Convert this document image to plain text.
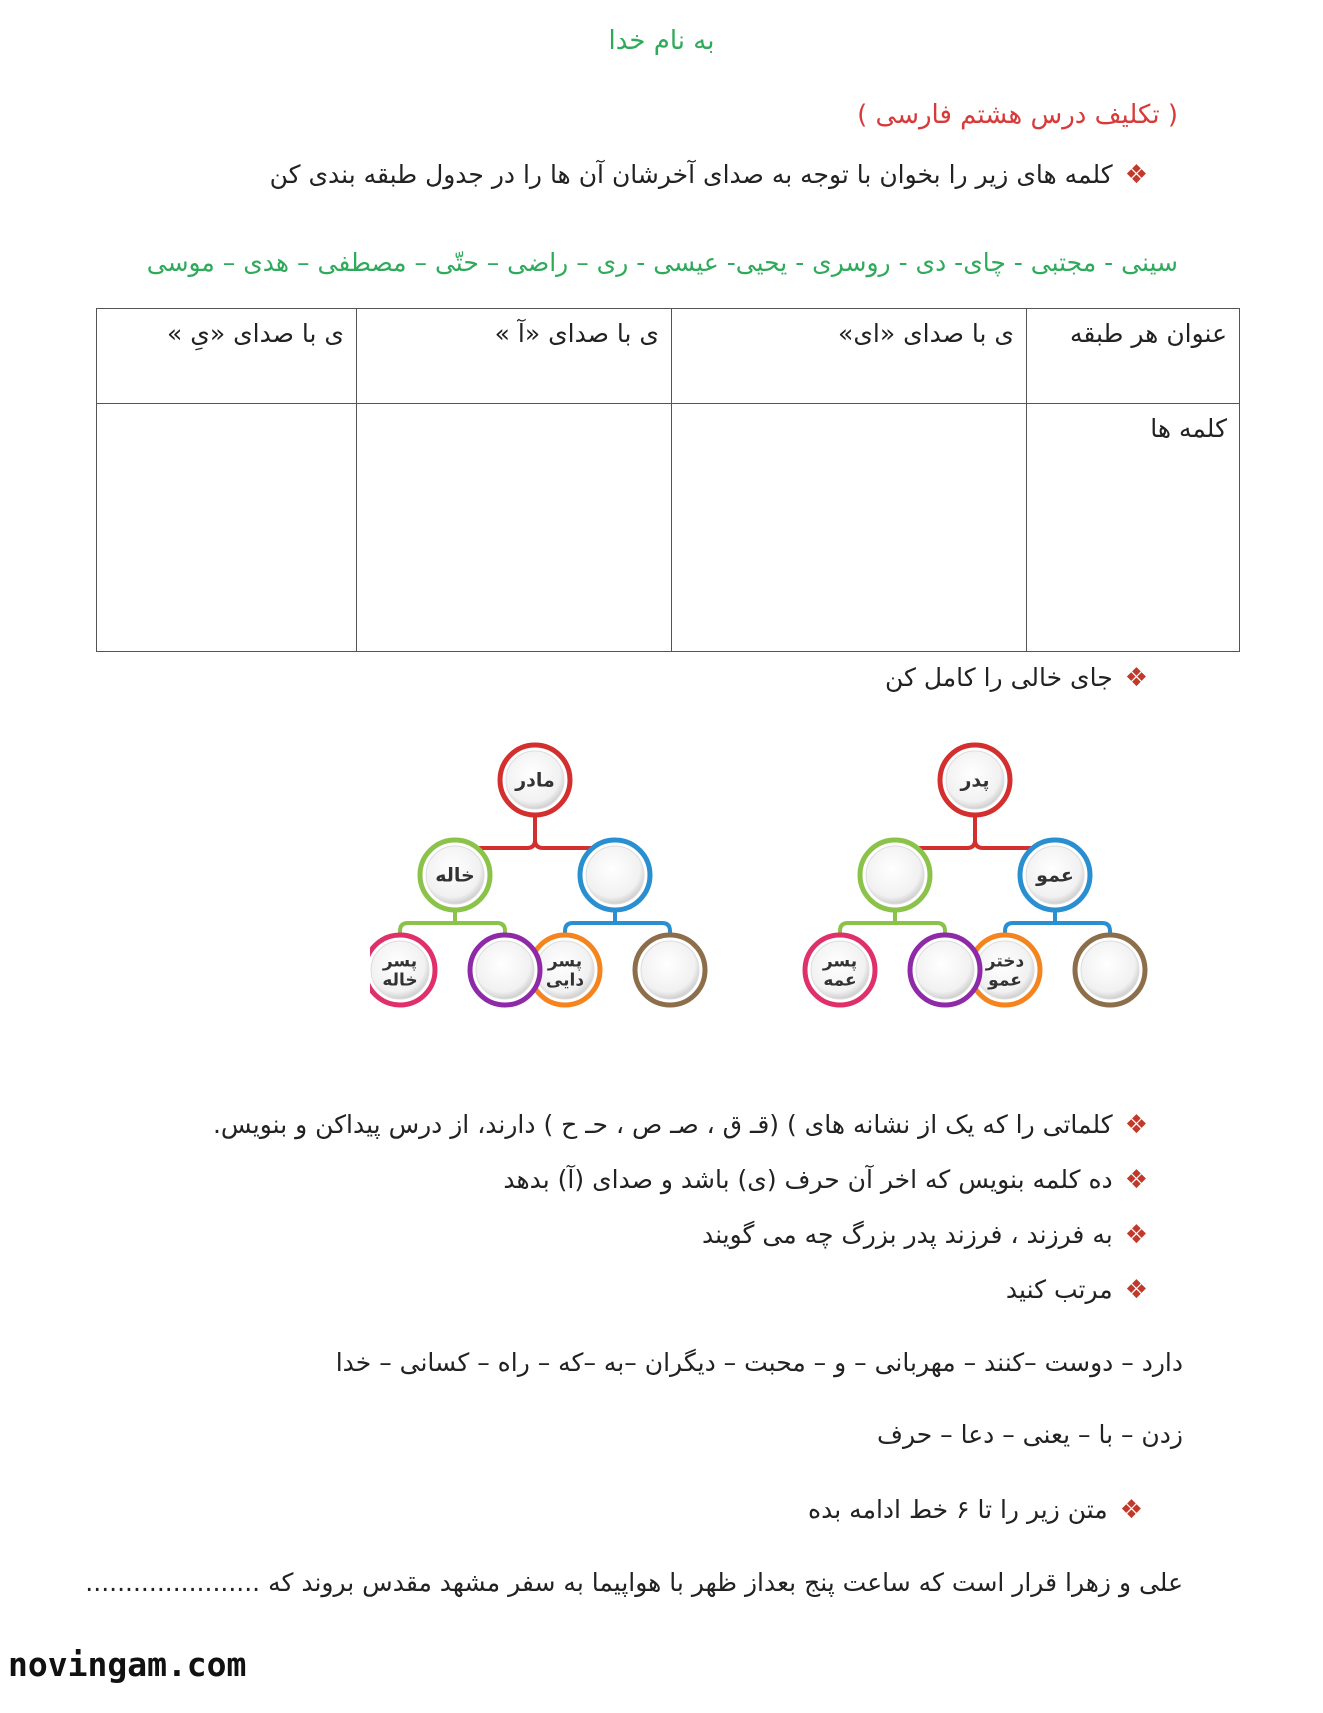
به نام خدا
( تکلیف درس هشتم فارسی )
❖کلمه های زیر را بخوان با توجه به صدای آخرشان آن ها را در جدول طبقه بندی کن
سینی - مجتبی - چای- دی - روسری - یحیی- عیسی - ری – راضی – حتّی – مصطفی – هدی – موسی
عنوان هر طبقه	ی با صدای «ای»	ی با صدای «آ »	ی با صدای «یِ »
کلمه ها			
❖جای خالی را کامل کن
پدر
عمو
دختر
عمو
پسر
عمه
مادر
خاله
پسر
دایی
پسر
خاله
❖کلماتی را که یک از نشانه های ) (قـ ق ، صـ ص ، حـ ح ) دارند، از درس پیداکن و بنویس.
❖ده کلمه بنویس که اخر آن حرف (ی) باشد و صدای (آ) بدهد
❖به فرزند ، فرزند پدر بزرگ چه می گویند
❖مرتب کنید
دارد – دوست –کنند – مهربانی – و – محبت – دیگران –به –که – راه – کسانی – خدا
زدن – با – یعنی – دعا – حرف
❖متن زیر را تا ۶ خط ادامه بده
علی و زهرا قرار است که ساعت پنج بعداز ظهر با هواپیما به سفر مشهد مقدس بروند که ......................
novingam.com
